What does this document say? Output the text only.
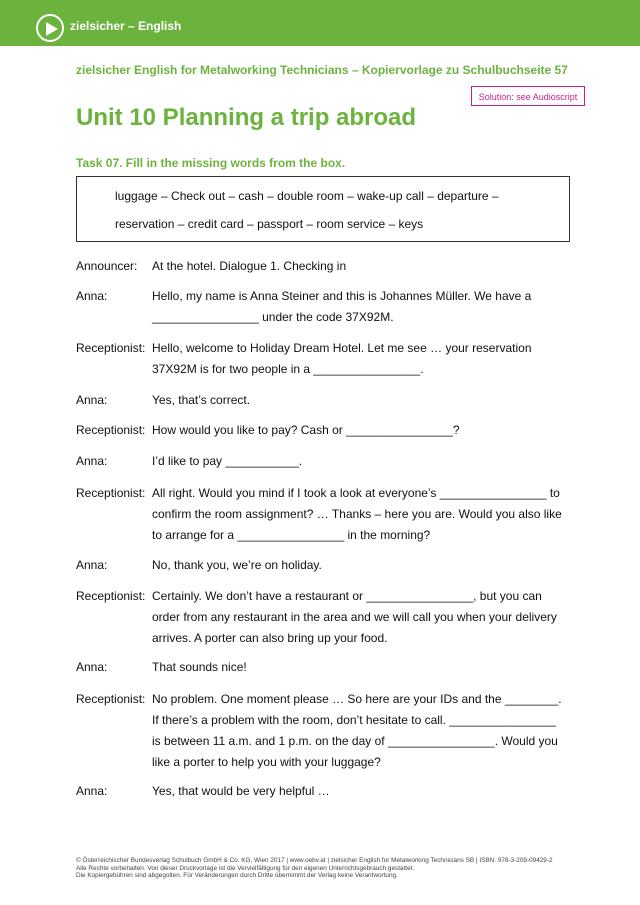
zielsicher – English
zielsicher English for Metalworking Technicians – Kopiervorlage zu Schulbuchseite 57
Solution: see Audioscript
Unit 10 Planning a trip abroad
Task 07. Fill in the missing words from the box.
luggage – Check out – cash – double room – wake-up call – departure –
reservation – credit card – passport – room service – keys
Announcer:	At the hotel. Dialogue 1. Checking in
Anna:	Hello, my name is Anna Steiner and this is Johannes Müller. We have a
________________ under the code 37X92M.
Receptionist: Hello, welcome to Holiday Dream Hotel. Let me see … your reservation
37X92M is for two people in a ________________.
Anna:	Yes, that’s correct.
Receptionist: How would you like to pay? Cash or ________________?
Anna:	I’d like to pay ___________.
Receptionist: All right. Would you mind if I took a look at everyone’s ________________ to
confirm the room assignment? … Thanks – here you are. Would you also like
to arrange for a ________________ in the morning?
Anna:	No, thank you, we’re on holiday.
Receptionist: Certainly. We don’t have a restaurant or ________________, but you can
order from any restaurant in the area and we will call you when your delivery
arrives. A porter can also bring up your food.
Anna:	That sounds nice!
Receptionist: No problem. One moment please … So here are your IDs and the ________.
If there’s a problem with the room, don’t hesitate to call. ________________
is between 11 a.m. and 1 p.m. on the day of ________________. Would you
like a porter to help you with your luggage?
Anna:	Yes, that would be very helpful …
© Österreichischer Bundesverlag Schulbuch GmbH & Co. KG, Wien 2017 | www.oebv.at | zielsicher English for Metalworking Technicians SB | ISBN: 978-3-209-09429-2
Alle Rechte vorbehalten. Von dieser Druckvorlage ist die Vervielfältigung für den eigenen Unterrichtsgebrauch gestattet.
Die Kopiergebühren sind abgegolten. Für Veränderungen durch Dritte übernimmt der Verlag keine Verantwortung.
